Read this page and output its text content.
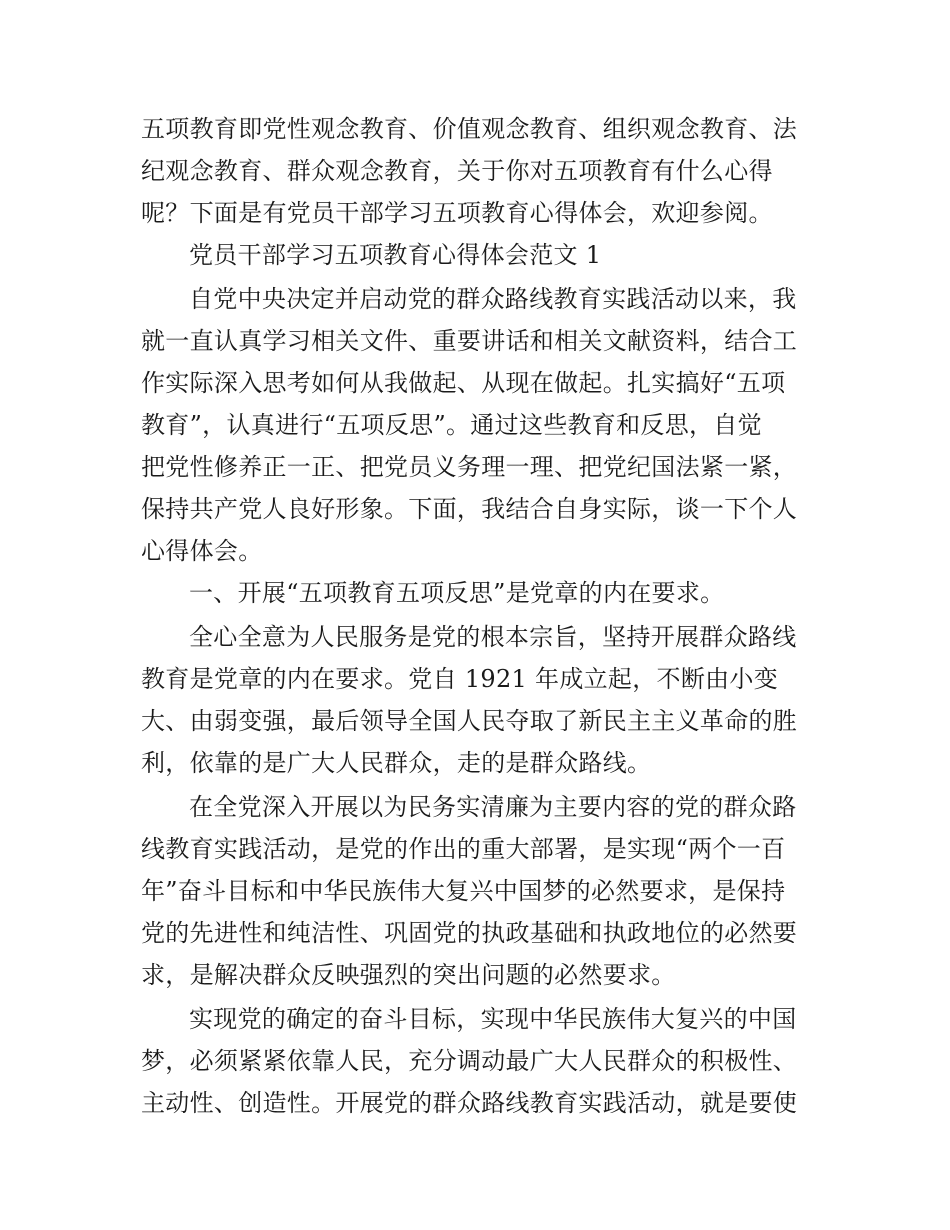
五项教育即党性观念教育、价值观念教育、组织观念教育、法
纪观念教育、群众观念教育，关于你对五项教育有什么心得
呢？下面是有党员干部学习五项教育心得体会，欢迎参阅。
党员干部学习五项教育心得体会范文 1
自党中央决定并启动党的群众路线教育实践活动以来，我
就一直认真学习相关文件、重要讲话和相关文献资料，结合工
作实际深入思考如何从我做起、从现在做起。扎实搞好“五项
教育”，认真进行“五项反思”。通过这些教育和反思，自觉
把党性修养正一正、把党员义务理一理、把党纪国法紧一紧，
保持共产党人良好形象。下面，我结合自身实际，谈一下个人
心得体会。
一、开展“五项教育五项反思”是党章的内在要求。
全心全意为人民服务是党的根本宗旨，坚持开展群众路线
教育是党章的内在要求。党自 1921 年成立起，不断由小变
大、由弱变强，最后领导全国人民夺取了新民主主义革命的胜
利，依靠的是广大人民群众，走的是群众路线。
在全党深入开展以为民务实清廉为主要内容的党的群众路
线教育实践活动，是党的作出的重大部署，是实现“两个一百
年”奋斗目标和中华民族伟大复兴中国梦的必然要求，是保持
党的先进性和纯洁性、巩固党的执政基础和执政地位的必然要
求，是解决群众反映强烈的突出问题的必然要求。
实现党的确定的奋斗目标，实现中华民族伟大复兴的中国
梦，必须紧紧依靠人民，充分调动最广大人民群众的积极性、
主动性、创造性。开展党的群众路线教育实践活动，就是要使
